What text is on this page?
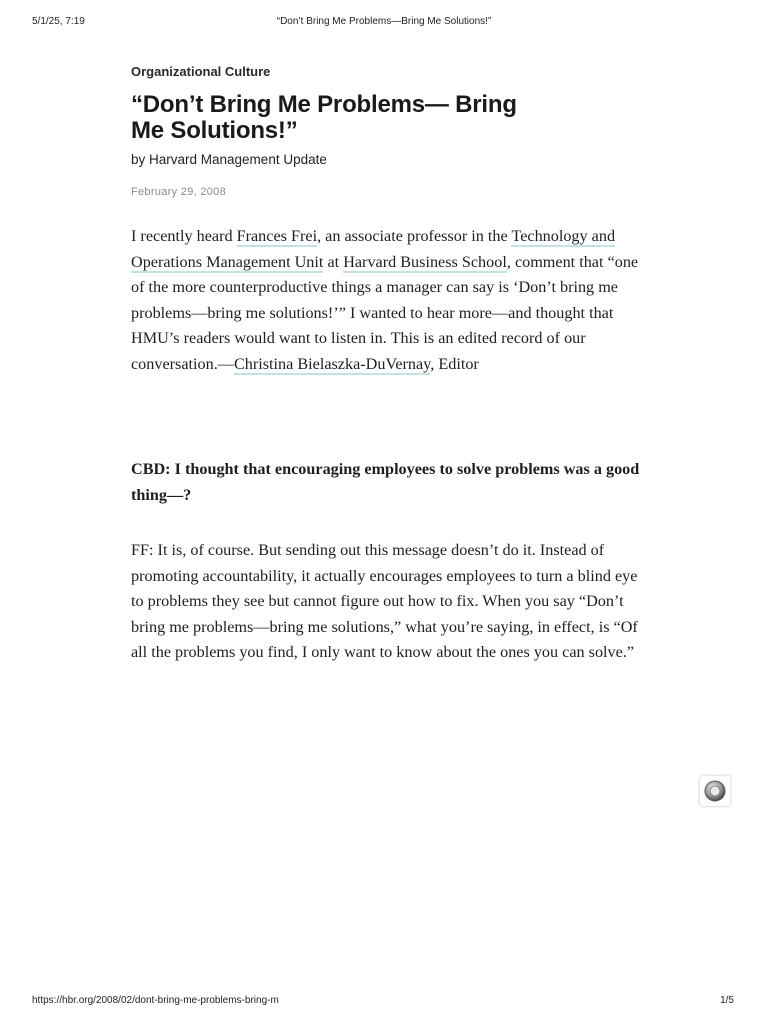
5/1/25, 7:19	“Don’t Bring Me Problems—Bring Me Solutions!”
Organizational Culture
“Don’t Bring Me Problems— Bring Me Solutions!”
by Harvard Management Update
February 29, 2008

I recently heard Frances Frei, an associate professor in the Technology and Operations Management Unit at Harvard Business School, comment that “one of the more counterproductive things a manager can say is ‘Don’t bring me problems—bring me solutions!’” I wanted to hear more—and thought that HMU’s readers would want to listen in. This is an edited record of our conversation.—Christina Bielaszka-DuVernay, Editor

CBD: I thought that encouraging employees to solve problems was a good thing—?

FF: It is, of course. But sending out this message doesn’t do it. Instead of promoting accountability, it actually encourages employees to turn a blind eye to problems they see but cannot figure out how to fix. When you say “Don’t bring me problems—bring me solutions,” what you’re saying, in effect, is “Of all the problems you find, I only want to know about the ones you can solve.”

https://hbr.org/2008/02/dont-bring-me-problems-bring-m	1/5
